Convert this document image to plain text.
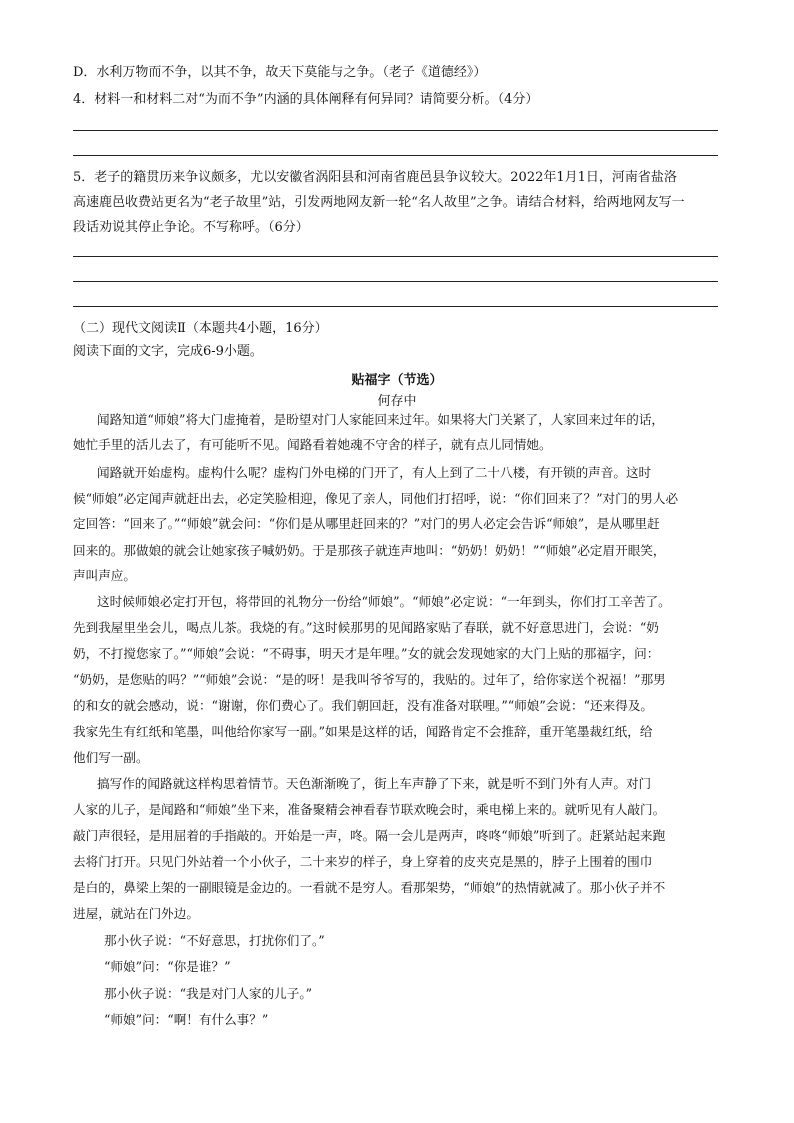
D．水利万物而不争，以其不争，故天下莫能与之争。（老子《道德经》）
4．材料一和材料二对“为而不争”内涵的具体阐释有何异同？请简要分析。（4分）
5．老子的籍贯历来争议颇多，尤以安徽省涡阳县和河南省鹿邑县争议较大。2022年1月1日，河南省盐洛
高速鹿邑收费站更名为“老子故里”站，引发两地网友新一轮“名人故里”之争。请结合材料，给两地网友写一
段话劝说其停止争论。不写称呼。（6分）
（二）现代文阅读Ⅱ（本题共4小题，16分）
阅读下面的文字，完成6-9小题。
贴福字（节选）
何存中
闻路知道“师娘”将大门虚掩着，是盼望对门人家能回来过年。如果将大门关紧了，人家回来过年的话，
她忙手里的活儿去了，有可能听不见。闻路看着她魂不守舍的样子，就有点儿同情她。
闻路就开始虚构。虚构什么呢？虚构门外电梯的门开了，有人上到了二十八楼，有开锁的声音。这时
候“师娘”必定闻声就赶出去，必定笑脸相迎，像见了亲人，同他们打招呼，说：“你们回来了？”对门的男人必
定回答：“回来了。”“师娘”就会问：“你们是从哪里赶回来的？”对门的男人必定会告诉“师娘”，是从哪里赶
回来的。那做娘的就会让她家孩子喊奶奶。于是那孩子就连声地叫：“奶奶！奶奶！”“师娘”必定眉开眼笑，
声叫声应。
这时候师娘必定打开包，将带回的礼物分一份给“师娘”。“师娘”必定说：“一年到头，你们打工辛苦了。
先到我屋里坐会儿，喝点儿茶。我烧的有。”这时候那男的见闻路家贴了春联，就不好意思进门，会说：“奶
奶，不打搅您家了。”“师娘”会说：“不碍事，明天才是年哩。”女的就会发现她家的大门上贴的那福字，问：
“奶奶，是您贴的吗？”“师娘”会说：“是的呀！是我叫爷爷写的，我贴的。过年了，给你家送个祝福！”那男
的和女的就会感动，说：“谢谢，你们费心了。我们朝回赶，没有准备对联哩。”“师娘”会说：“还来得及。
我家先生有红纸和笔墨，叫他给你家写一副。”如果是这样的话，闻路肯定不会推辞，重开笔墨裁红纸，给
他们写一副。
搞写作的闻路就这样构思着情节。天色渐渐晚了，街上车声静了下来，就是听不到门外有人声。对门
人家的儿子，是闻路和“师娘”坐下来，准备聚精会神看春节联欢晚会时，乘电梯上来的。就听见有人敲门。
敲门声很轻，是用屈着的手指敲的。开始是一声，咚。隔一会儿是两声，咚咚“师娘”听到了。赶紧站起来跑
去将门打开。只见门外站着一个小伙子，二十来岁的样子，身上穿着的皮夹克是黑的，脖子上围着的围巾
是白的，鼻梁上架的一副眼镜是金边的。一看就不是穷人。看那架势，“师娘”的热情就减了。那小伙子并不
进屋，就站在门外边。
那小伙子说：“不好意思，打扰你们了。”
“师娘”问：“你是谁？”
那小伙子说：“我是对门人家的儿子。”
“师娘”问：“啊！有什么事？”
